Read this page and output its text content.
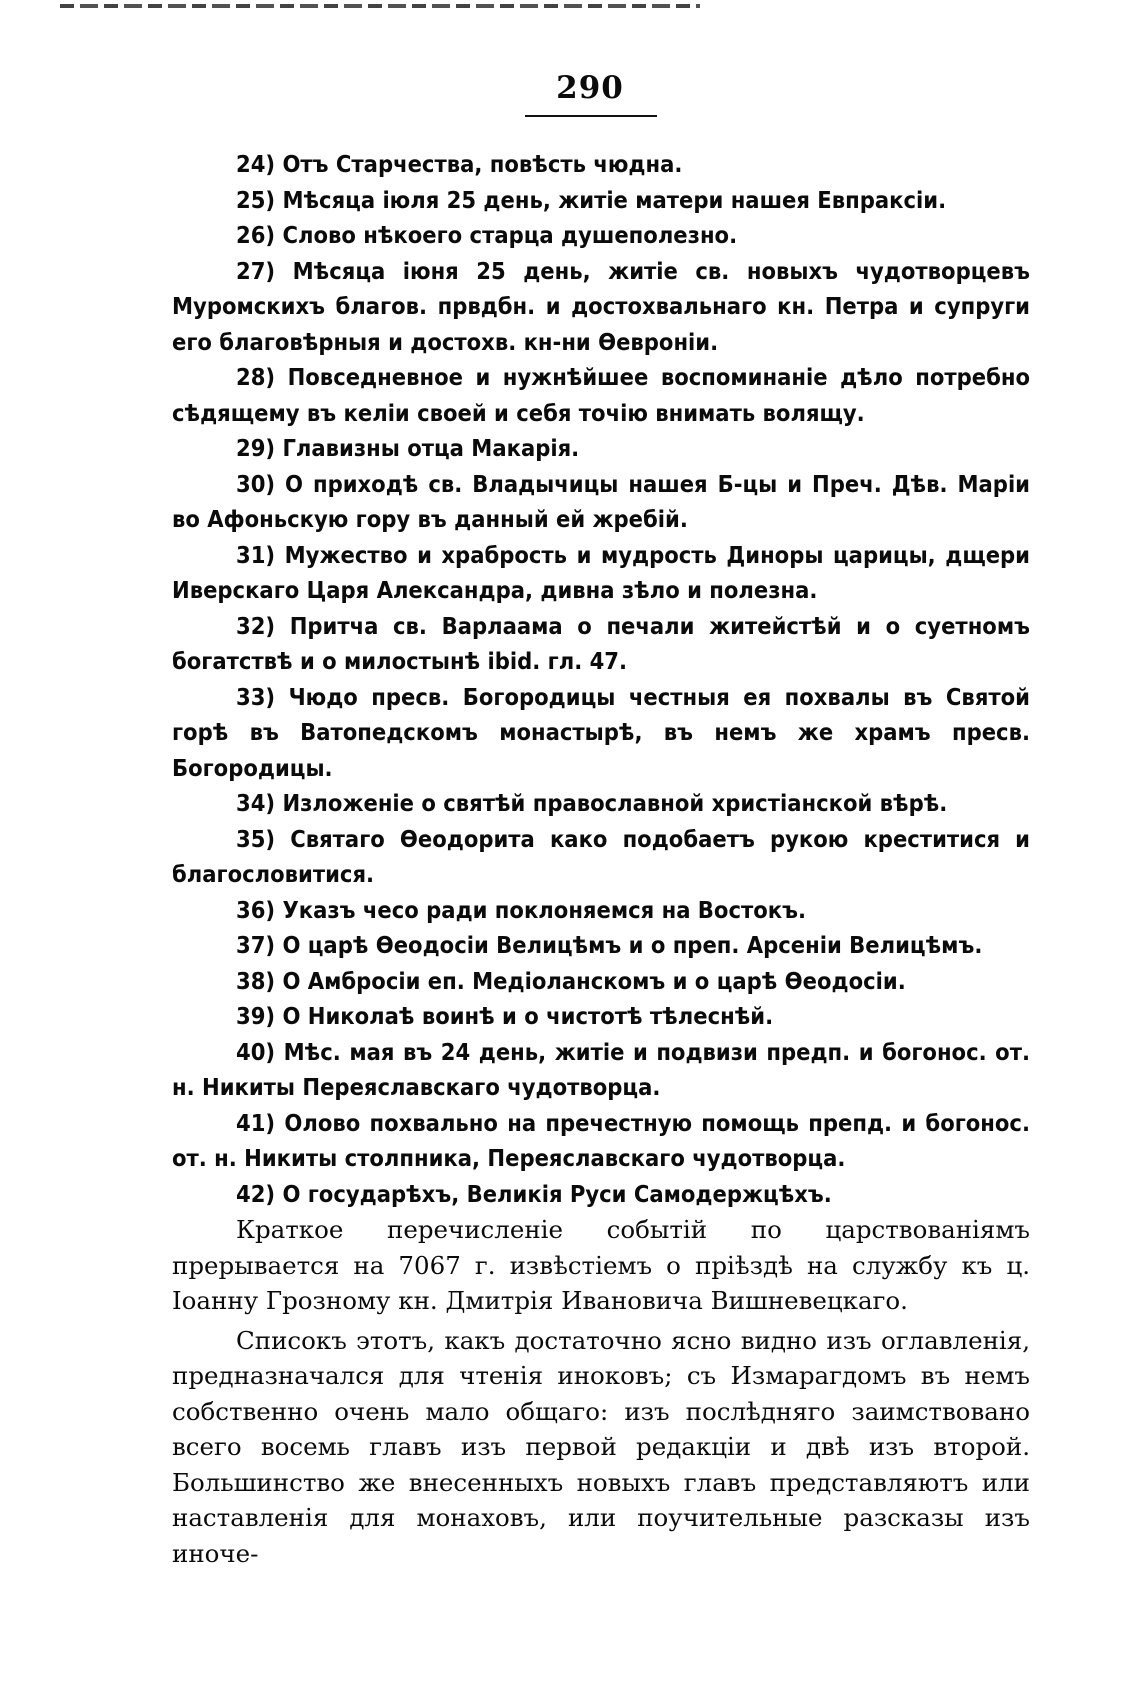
290

24) Отъ Старчества, повѣсть чюдна.

25) Мѣсяца iюля 25 день, житiе матери нашея Евпраксiи.

26) Слово нѣкоего старца душеполезно.

27) Мѣсяца iюня 25 день, житiе св. новыхъ чудотворцевъ Муромскихъ благов. првдбн. и достохвальнаго кн. Петра и супруги его благовѣрныя и достохв. кн-ни Ѳевронiи.

28) Повседневное и нужнѣйшее воспоминанiе дѣло потребно сѣдящему въ келiи своей и себя точiю внимать волящу.

29) Главизны отца Макарiя.

30) О приходѣ св. Владычицы нашея Б-цы и Преч. Дѣв. Марiи во Афоньскую гору въ данный ей жребiй.

31) Мужество и храбрость и мудрость Диноры царицы, дщери Иверскаго Царя Александра, дивна зѣло и полезна.

32) Притча св. Варлаама о печали житейстѣй и о суетномъ богатствѣ и о милостынѣ ibid. гл. 47.

33) Чюдо пресв. Богородицы честныя ея похвалы въ Святой горѣ въ Ватопедскомъ монастырѣ, въ немъ же храмъ пресв. Богородицы.

34) Изложенiе о святѣй православной христiанской вѣрѣ.

35) Святаго Ѳеодорита како подобаетъ рукою креститися и благословитися.

36) Указъ чесо ради поклоняемся на Востокъ.

37) О царѣ Ѳеодосiи Велицѣмъ и о преп. Арсенiи Велицѣмъ.

38) О Амбросiи еп. Медiоланскомъ и о царѣ Ѳеодосiи.

39) О Николаѣ воинѣ и о чистотѣ тѣлеснѣй.

40) Мѣс. мая въ 24 день, житiе и подвизи предп. и богонос. от. н. Никиты Переяславскаго чудотворца.

41) Олово похвально на пречестную помощь препд. и богонос. от. н. Никиты столпника, Переяславскаго чудотворца.

42) О государѣхъ, Великiя Руси Самодержцѣхъ.

Краткое перечисленiе событiй по царствованiямъ прерывается на 7067 г. извѣстiемъ о прiѣздѣ на службу къ ц. Iоанну Грозному кн. Дмитрiя Ивановича Вишневецкаго.

Списокъ этотъ, какъ достаточно ясно видно изъ оглавленiя, предназначался для чтенiя иноковъ; съ Измарагдомъ въ немъ собственно очень мало общаго: изъ послѣдняго заимствовано всего восемь главъ изъ первой редакцiи и двѣ изъ второй. Большинство же внесенныхъ новыхъ главъ представляютъ или наставленiя для монаховъ, или поучительные разсказы изъ иноче-
